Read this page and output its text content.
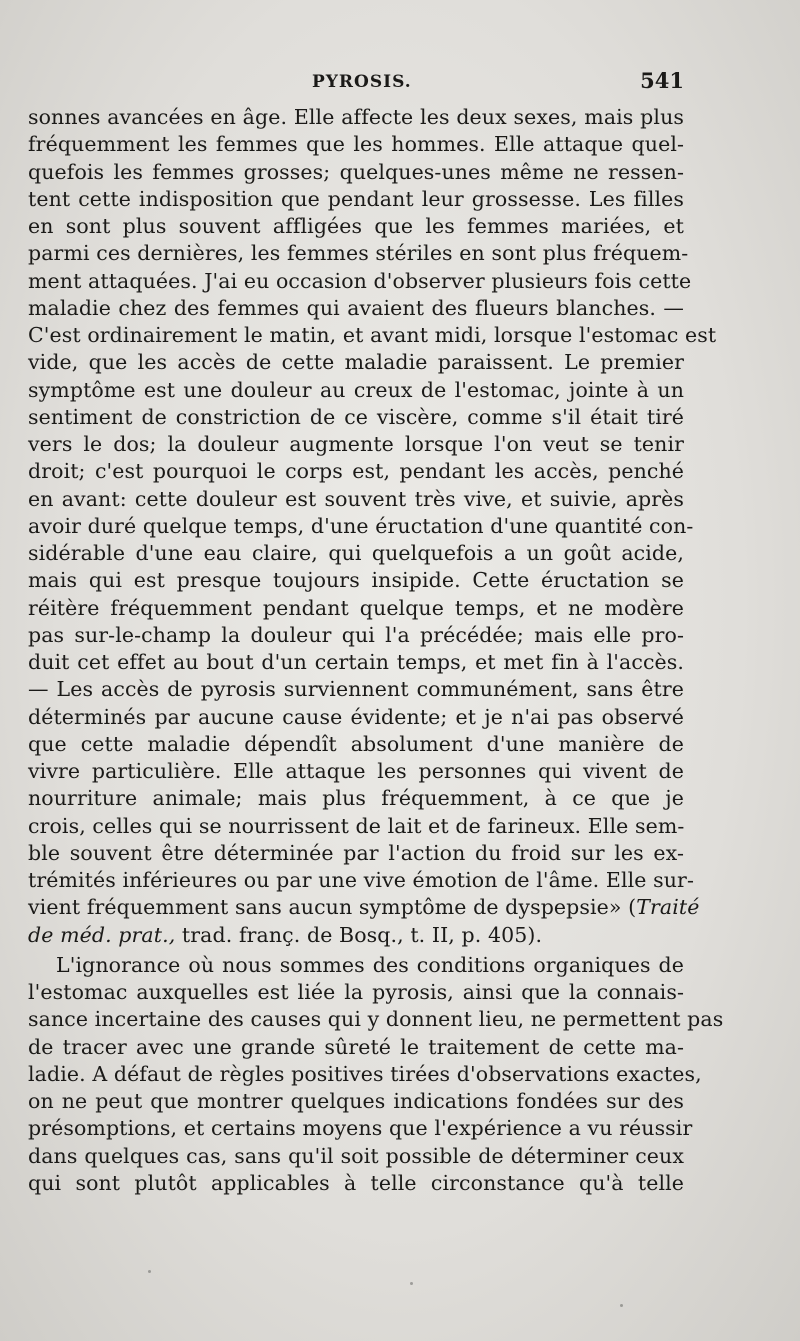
PYROSIS.	541
sonnes avancées en âge. Elle affecte les deux sexes, mais plus
fréquemment les femmes que les hommes. Elle attaque quel-
quefois les femmes grosses; quelques-unes même ne ressen-
tent cette indisposition que pendant leur grossesse. Les filles
en sont plus souvent affligées que les femmes mariées, et
parmi ces dernières, les femmes stériles en sont plus fréquem-
ment attaquées. J'ai eu occasion d'observer plusieurs fois cette
maladie chez des femmes qui avaient des flueurs blanches. —
C'est ordinairement le matin, et avant midi, lorsque l'estomac est
vide, que les accès de cette maladie paraissent. Le premier
symptôme est une douleur au creux de l'estomac, jointe à un
sentiment de constriction de ce viscère, comme s'il était tiré
vers le dos; la douleur augmente lorsque l'on veut se tenir
droit; c'est pourquoi le corps est, pendant les accès, penché
en avant: cette douleur est souvent très vive, et suivie, après
avoir duré quelque temps, d'une éructation d'une quantité con-
sidérable d'une eau claire, qui quelquefois a un goût acide,
mais qui est presque toujours insipide. Cette éructation se
réitère fréquemment pendant quelque temps, et ne modère
pas sur-le-champ la douleur qui l'a précédée; mais elle pro-
duit cet effet au bout d'un certain temps, et met fin à l'accès.
— Les accès de pyrosis surviennent communément, sans être
déterminés par aucune cause évidente; et je n'ai pas observé
que cette maladie dépendît absolument d'une manière de
vivre particulière. Elle attaque les personnes qui vivent de
nourriture animale; mais plus fréquemment, à ce que je
crois, celles qui se nourrissent de lait et de farineux. Elle sem-
ble souvent être déterminée par l'action du froid sur les ex-
trémités inférieures ou par une vive émotion de l'âme. Elle sur-
vient fréquemment sans aucun symptôme de dyspepsie» (Traité
de méd. prat., trad. franç. de Bosq., t. II, p. 405).
L'ignorance où nous sommes des conditions organiques de
l'estomac auxquelles est liée la pyrosis, ainsi que la connais-
sance incertaine des causes qui y donnent lieu, ne permettent pas
de tracer avec une grande sûreté le traitement de cette ma-
ladie. A défaut de règles positives tirées d'observations exactes,
on ne peut que montrer quelques indications fondées sur des
présomptions, et certains moyens que l'expérience a vu réussir
dans quelques cas, sans qu'il soit possible de déterminer ceux
qui sont plutôt applicables à telle circonstance qu'à telle
